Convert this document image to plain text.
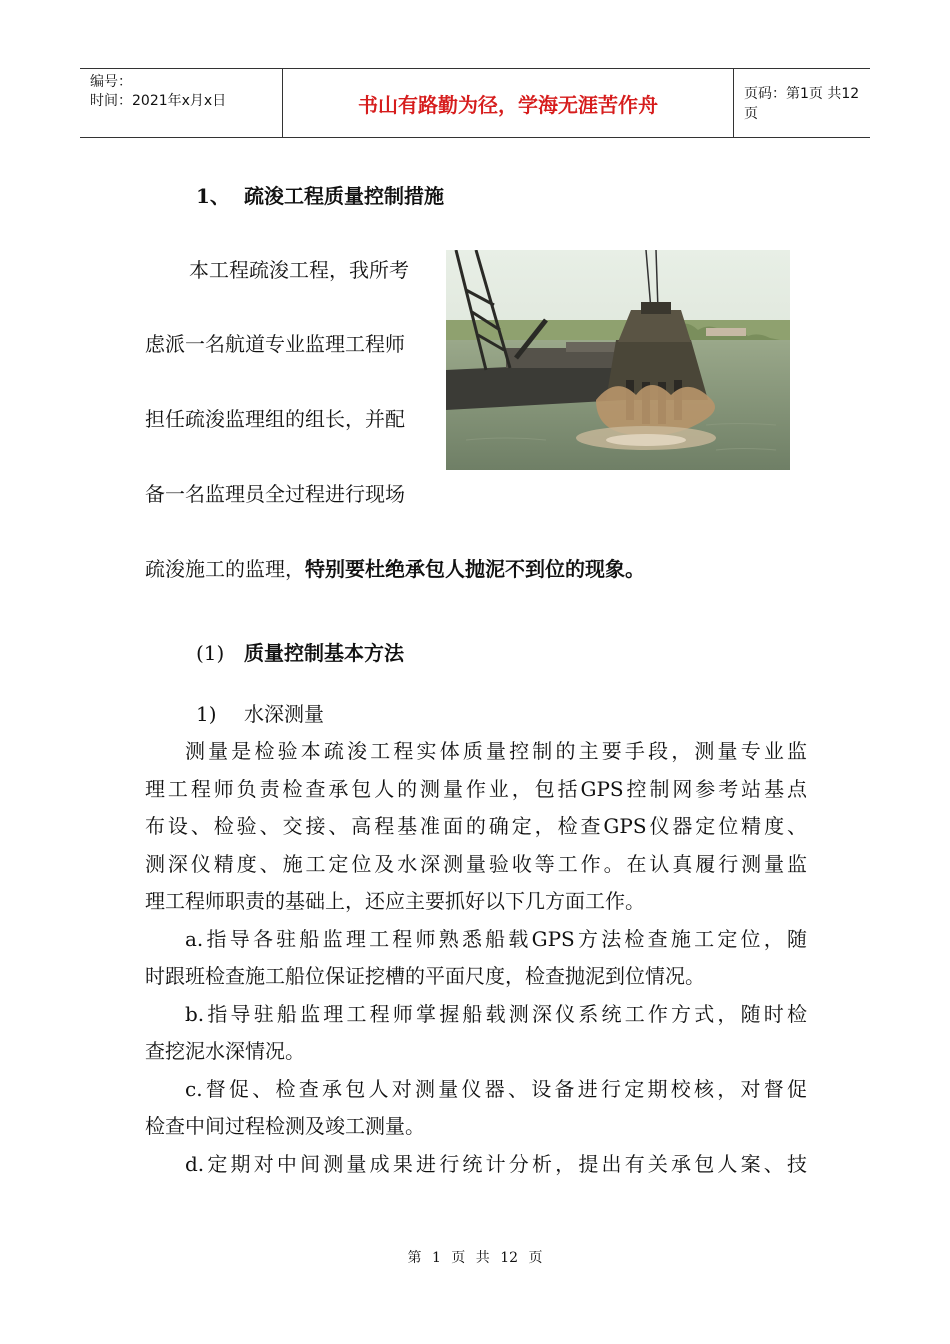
编号：
时间：2021年x月x日	书山有路勤为径，学海无涯苦作舟	页码：第1页 共12页
1、 疏浚工程质量控制措施
本工程疏浚工程，我所考
虑派一名航道专业监理工程师
担任疏浚监理组的组长，并配
备一名监理员全过程进行现场
疏浚施工的监理，特别要杜绝承包人抛泥不到位的现象。
(1) 质量控制基本方法
1) 水深测量

测量是检验本疏浚工程实体质量控制的主要手段，测量专业监

理工程师负责检查承包人的测量作业，包括GPS控制网参考站基点

布设、检验、交接、高程基准面的确定，检查GPS仪器定位精度、

测深仪精度、施工定位及水深测量验收等工作。在认真履行测量监

理工程师职责的基础上，还应主要抓好以下几方面工作。

a.指导各驻船监理工程师熟悉船载GPS方法检查施工定位，随

时跟班检查施工船位保证挖槽的平面尺度，检查抛泥到位情况。

b.指导驻船监理工程师掌握船载测深仪系统工作方式，随时检

查挖泥水深情况。

c.督促、检查承包人对测量仪器、设备进行定期校核，对督促

检查中间过程检测及竣工测量。

d.定期对中间测量成果进行统计分析，提出有关承包人案、技

第 1 页 共 12 页
